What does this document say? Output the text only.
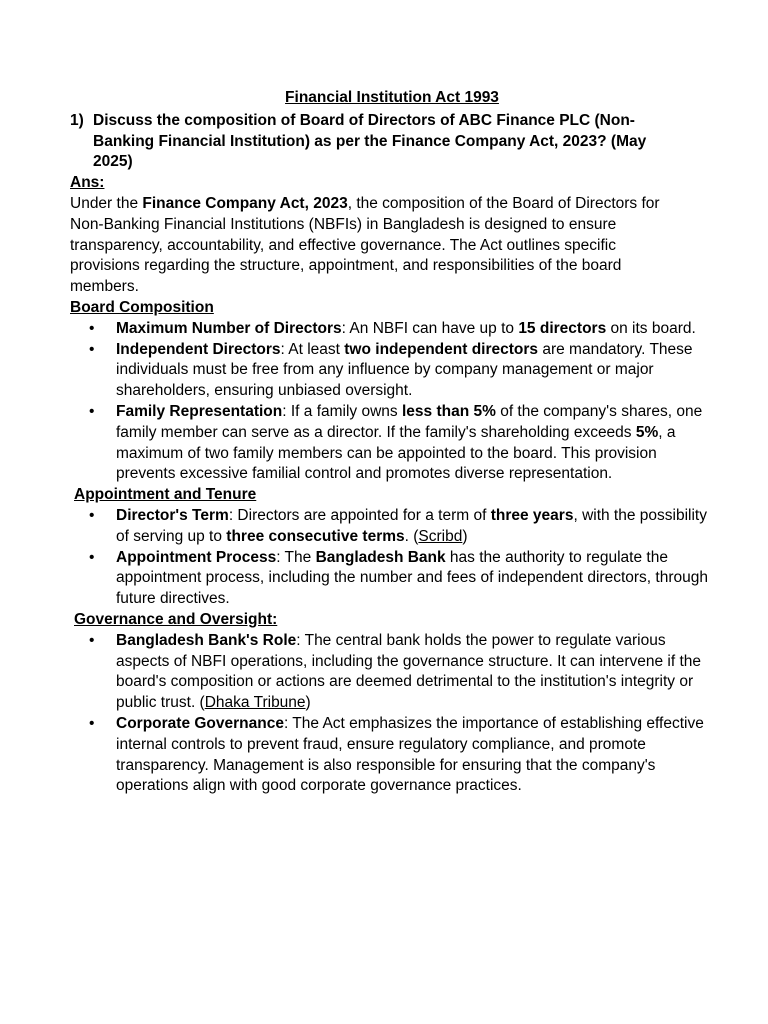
Financial Institution Act 1993
1) Discuss the composition of Board of Directors of ABC Finance PLC (Non-Banking Financial Institution) as per the Finance Company Act, 2023? (May 2025)
Ans:

Under the Finance Company Act, 2023, the composition of the Board of Directors for Non-Banking Financial Institutions (NBFIs) in Bangladesh is designed to ensure transparency, accountability, and effective governance. The Act outlines specific provisions regarding the structure, appointment, and responsibilities of the board members.

Board Composition
• Maximum Number of Directors: An NBFI can have up to 15 directors on its board.
• Independent Directors: At least two independent directors are mandatory. These individuals must be free from any influence by company management or major shareholders, ensuring unbiased oversight.
• Family Representation: If a family owns less than 5% of the company's shares, one family member can serve as a director. If the family's shareholding exceeds 5%, a maximum of two family members can be appointed to the board. This provision prevents excessive familial control and promotes diverse representation.
Appointment and Tenure
• Director's Term: Directors are appointed for a term of three years, with the possibility of serving up to three consecutive terms. (Scribd)
• Appointment Process: The Bangladesh Bank has the authority to regulate the appointment process, including the number and fees of independent directors, through future directives.
Governance and Oversight:
• Bangladesh Bank's Role: The central bank holds the power to regulate various aspects of NBFI operations, including the governance structure. It can intervene if the board's composition or actions are deemed detrimental to the institution's integrity or public trust. (Dhaka Tribune)
• Corporate Governance: The Act emphasizes the importance of establishing effective internal controls to prevent fraud, ensure regulatory compliance, and promote transparency. Management is also responsible for ensuring that the company's operations align with good corporate governance practices.
